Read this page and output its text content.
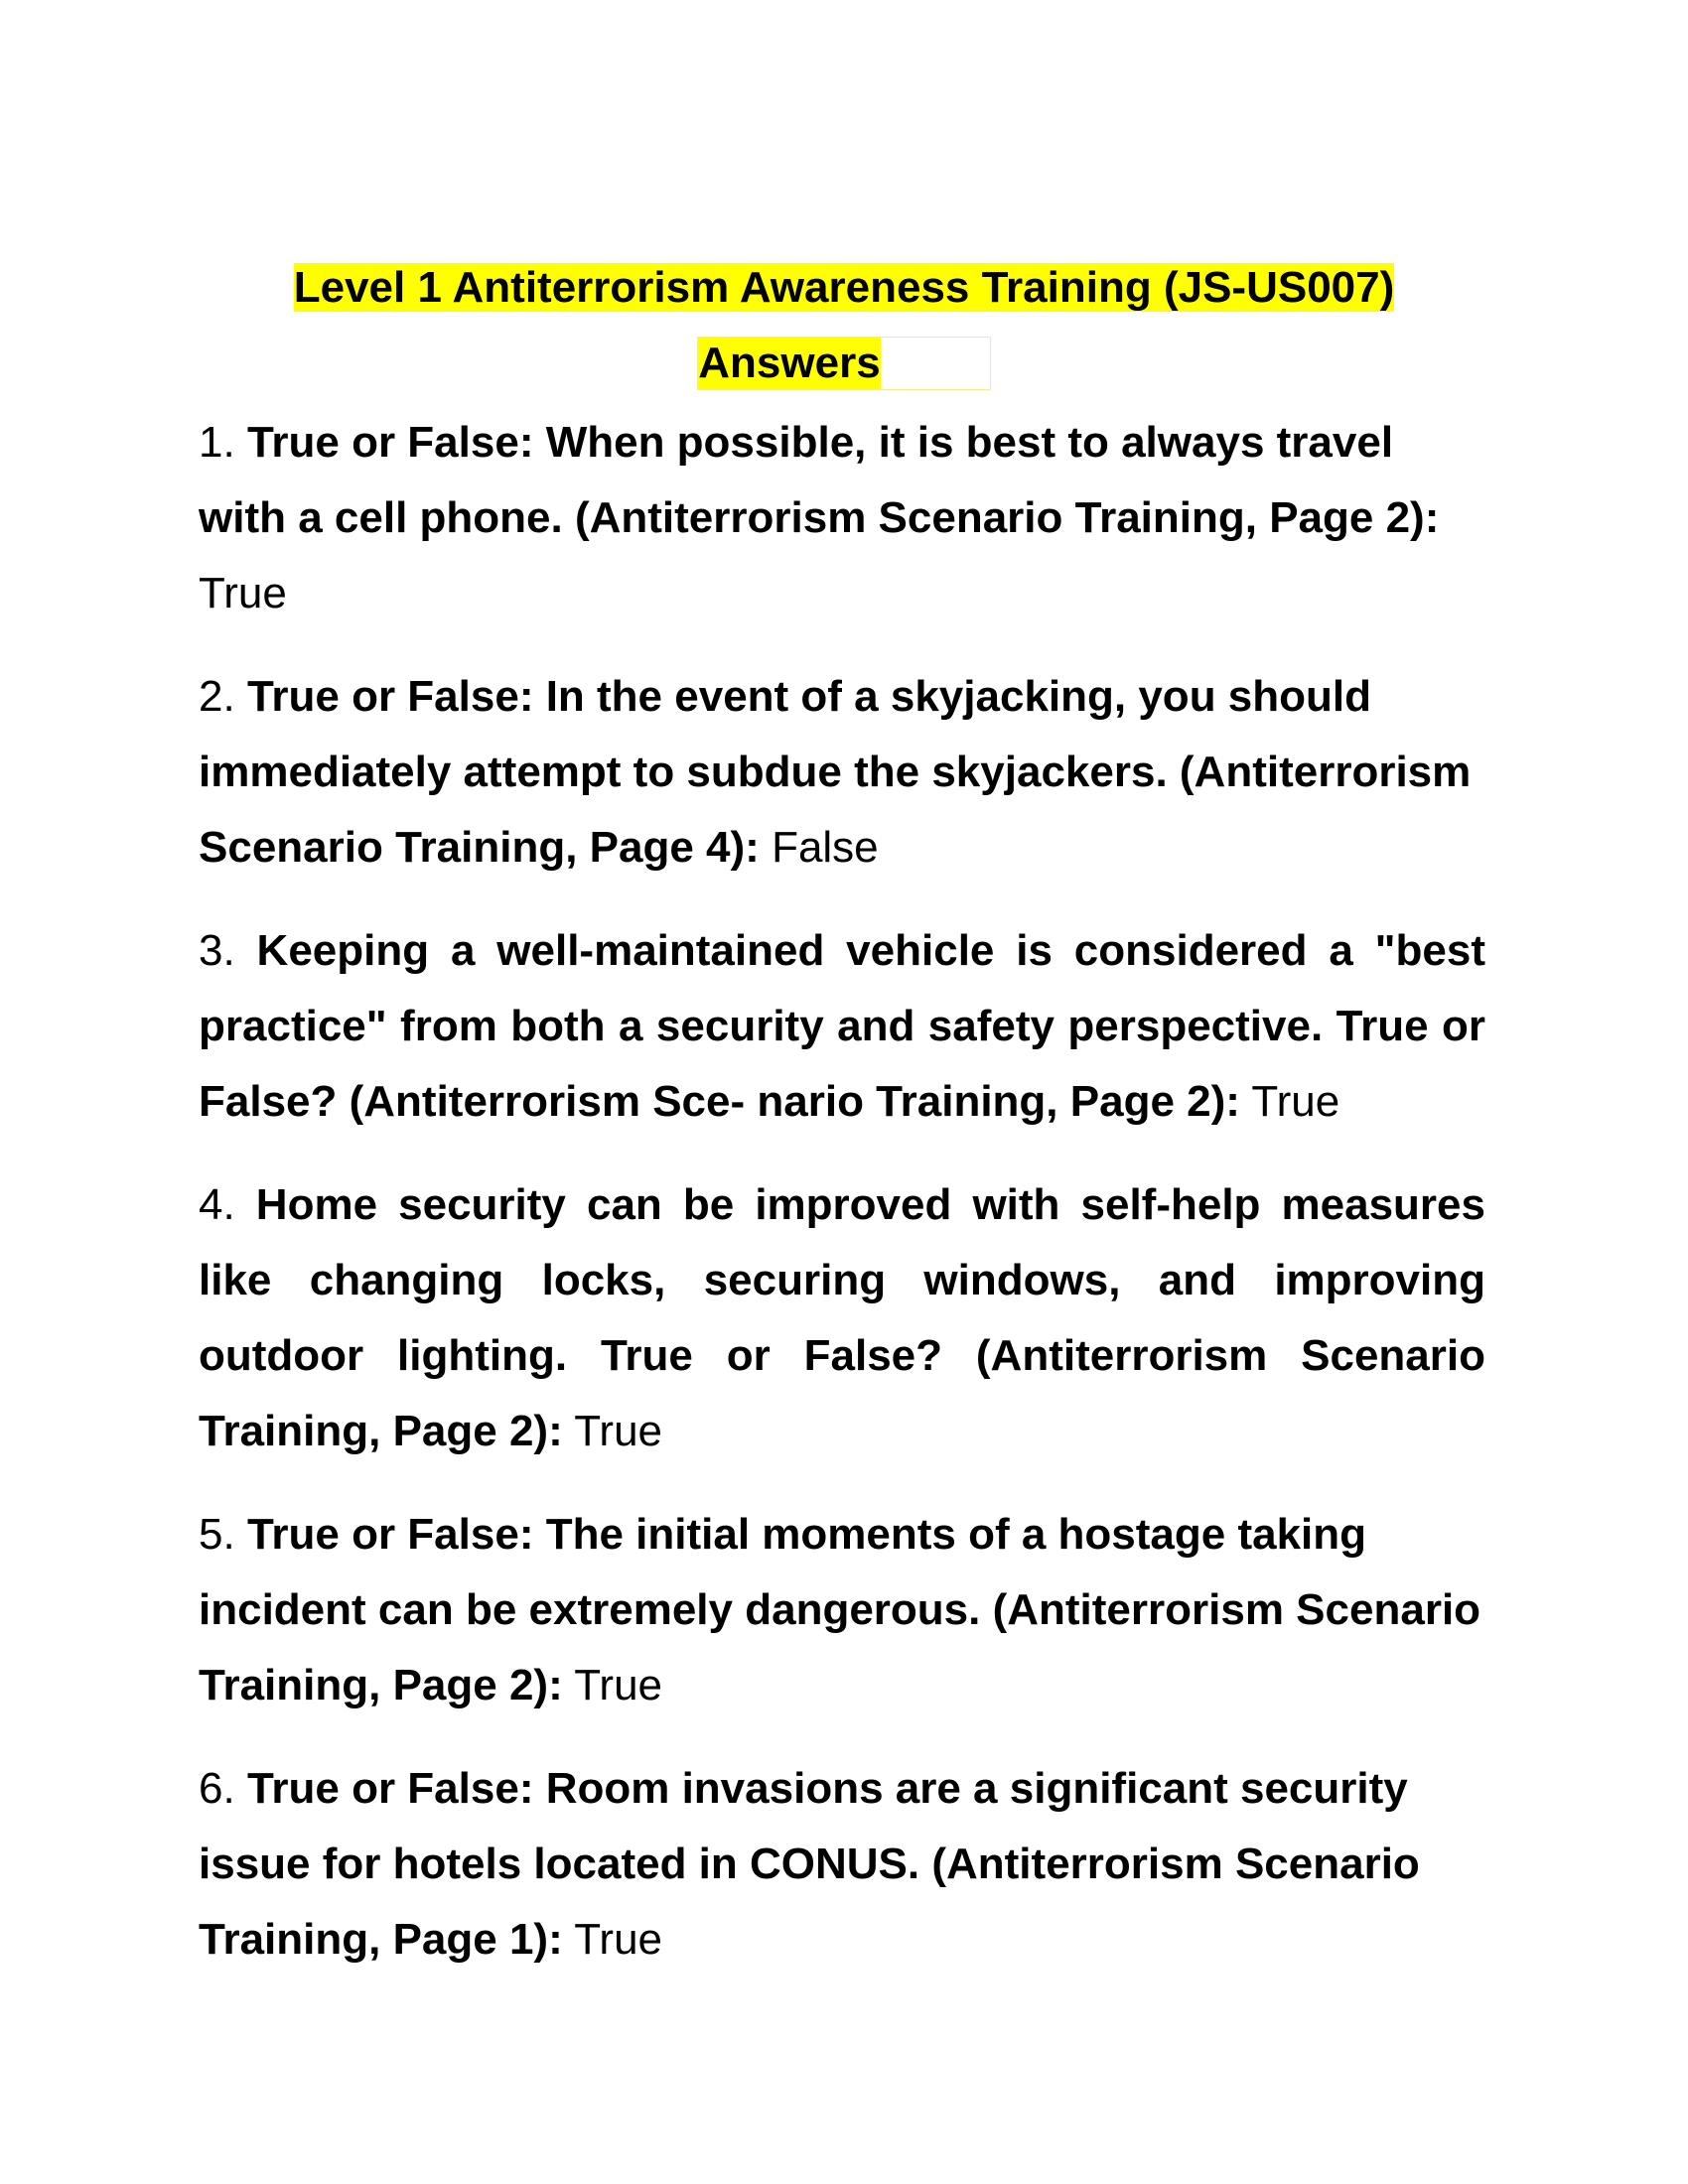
Level 1 Antiterrorism Awareness Training (JS-US007)
Answers

1. True or False: When possible, it is best to always travel with a cell phone. (Antiterrorism Scenario Training, Page 2): True

2. True or False: In the event of a skyjacking, you should immediately attempt to subdue the skyjackers. (Antiterrorism Scenario Training, Page 4): False

3. Keeping a well-maintained vehicle is considered a "best practice" from both a security and safety perspective. True or False? (Antiterrorism Sce- nario Training, Page 2): True

4. Home security can be improved with self-help measures like changing locks, securing windows, and improving outdoor lighting. True or False? (Antiterrorism Scenario Training, Page 2): True

5. True or False: The initial moments of a hostage taking incident can be extremely dangerous. (Antiterrorism Scenario Training, Page 2): True

6. True or False: Room invasions are a significant security issue for hotels located in CONUS. (Antiterrorism Scenario Training, Page 1): True
